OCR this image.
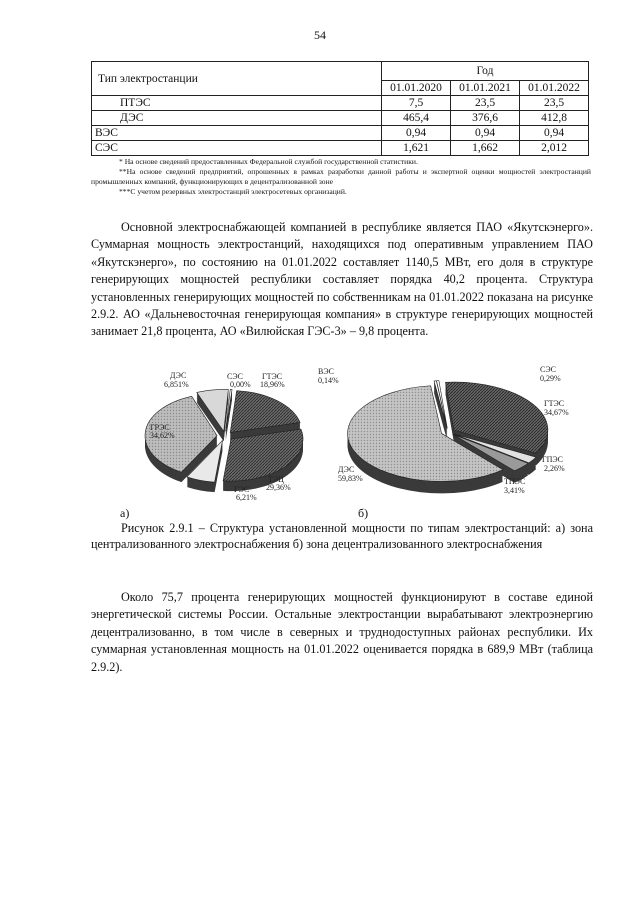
54
Тип электростанции	Год		
	01.01.2020	01.01.2021	01.01.2022
ПТЭС	7,5	23,5	23,5
ДЭС	465,4	376,6	412,8
ВЭС	0,94	0,94	0,94
СЭС	1,621	1,662	2,012

* На основе сведений предоставленных Федеральной службой государственной статистики.

**На основе сведений предприятий, опрошенных в рамках разработки данной работы и экспертной оценки мощностей электростанций промышленных компаний, функционирующих в децентрализованной зоне

***С учетом резервных электростанций электросетевых организаций.

Основной электроснабжающей компанией в республике является ПАО «Якутскэнерго». Суммарная мощность электростанций, находящихся под оперативным управлением ПАО «Якутскэнерго», по состоянию на 01.01.2022 составляет 1140,5 МВт, его доля в структуре генерирующих мощностей республики составляет порядка 40,2 процента. Структура установленных генерирующих мощностей по собственникам на 01.01.2022 показана на рисунке 2.9.2. АО «Дальневосточная генерирующая компания» в структуре генерирующих мощностей занимает 21,8 процента, АО «Вилюйская ГЭС-3» – 9,8 процента.

ДЭС
6,851%
СЭС
0,00%
ГТЭС
18,96%
ГРЭС
34,62%
ТЭЦ
29,36%
ГЭС
6,21%
ВЭС
0,14%
СЭС
0,29%
ГТЭС
34,67%
ГПЭС
2,26%
ТПЭС
3,41%
ДЭС
59,83%
а)	б)

Рисунок 2.9.1 – Структура установленной мощности по типам электростанций: а) зона централизованного электроснабжения б) зона децентрализованного электроснабжения

Около 75,7 процента генерирующих мощностей функционируют в составе единой энергетической системы России. Остальные электростанции вырабатывают электроэнергию децентрализованно, в том числе в северных и труднодоступных районах республики. Их суммарная установленная мощность на 01.01.2022 оценивается порядка в 689,9 МВт (таблица 2.9.2).
